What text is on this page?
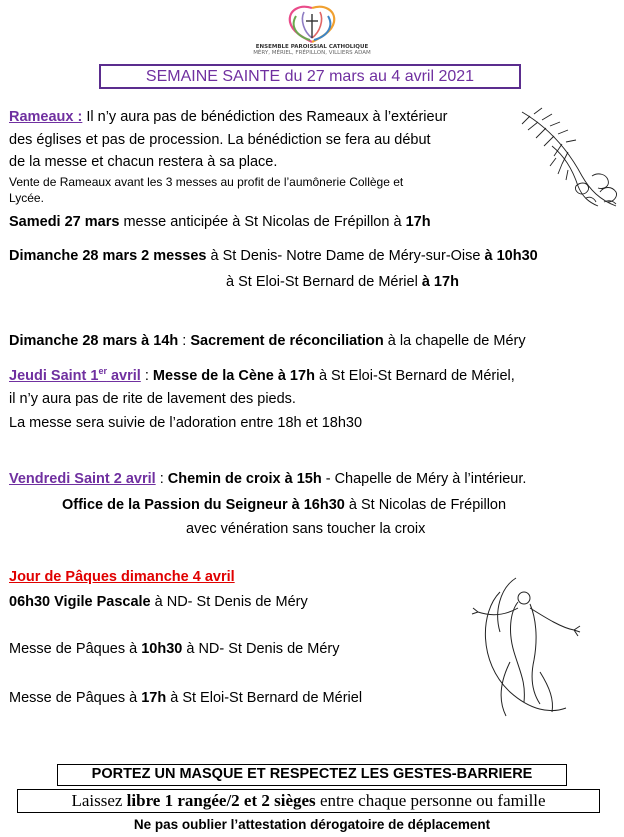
ENSEMBLE PAROISSIAL CATHOLIQUE
MÉRY, MÉRIEL, FRÉPILLON, VILLIERS ADAM
SEMAINE SAINTE du 27 mars au 4 avril 2021
Rameaux : Il n’y aura pas de bénédiction des Rameaux à l’extérieur
des églises et pas de procession. La bénédiction se fera au début
de la messe et chacun restera à sa place.
Vente de Rameaux avant les 3 messes au profit de l’aumônerie Collège et
Lycée.
Samedi 27 mars messe anticipée à St Nicolas de Frépillon à 17h
Dimanche 28 mars 2 messes à St Denis- Notre Dame de Méry-sur-Oise à 10h30
à St Eloi-St Bernard de Mériel à 17h
Dimanche 28 mars à 14h : Sacrement de réconciliation à la chapelle de Méry
Jeudi Saint 1er avril : Messe de la Cène à 17h à St Eloi-St Bernard de Mériel,
il n’y aura pas de rite de lavement des pieds.
La messe sera suivie de l’adoration entre 18h et 18h30
Vendredi Saint 2 avril : Chemin de croix à 15h - Chapelle de Méry à l’intérieur.
Office de la Passion du Seigneur à 16h30 à St Nicolas de Frépillon
avec vénération sans toucher la croix
Jour de Pâques dimanche 4 avril
06h30 Vigile Pascale à ND- St Denis de Méry
Messe de Pâques à 10h30 à ND- St Denis de Méry
Messe de Pâques à 17h à St Eloi-St Bernard de Mériel
PORTEZ UN MASQUE ET RESPECTEZ LES GESTES-BARRIERE
Laissez libre 1 rangée/2 et 2 sièges entre chaque personne ou famille
Ne pas oublier l’attestation dérogatoire de déplacement
